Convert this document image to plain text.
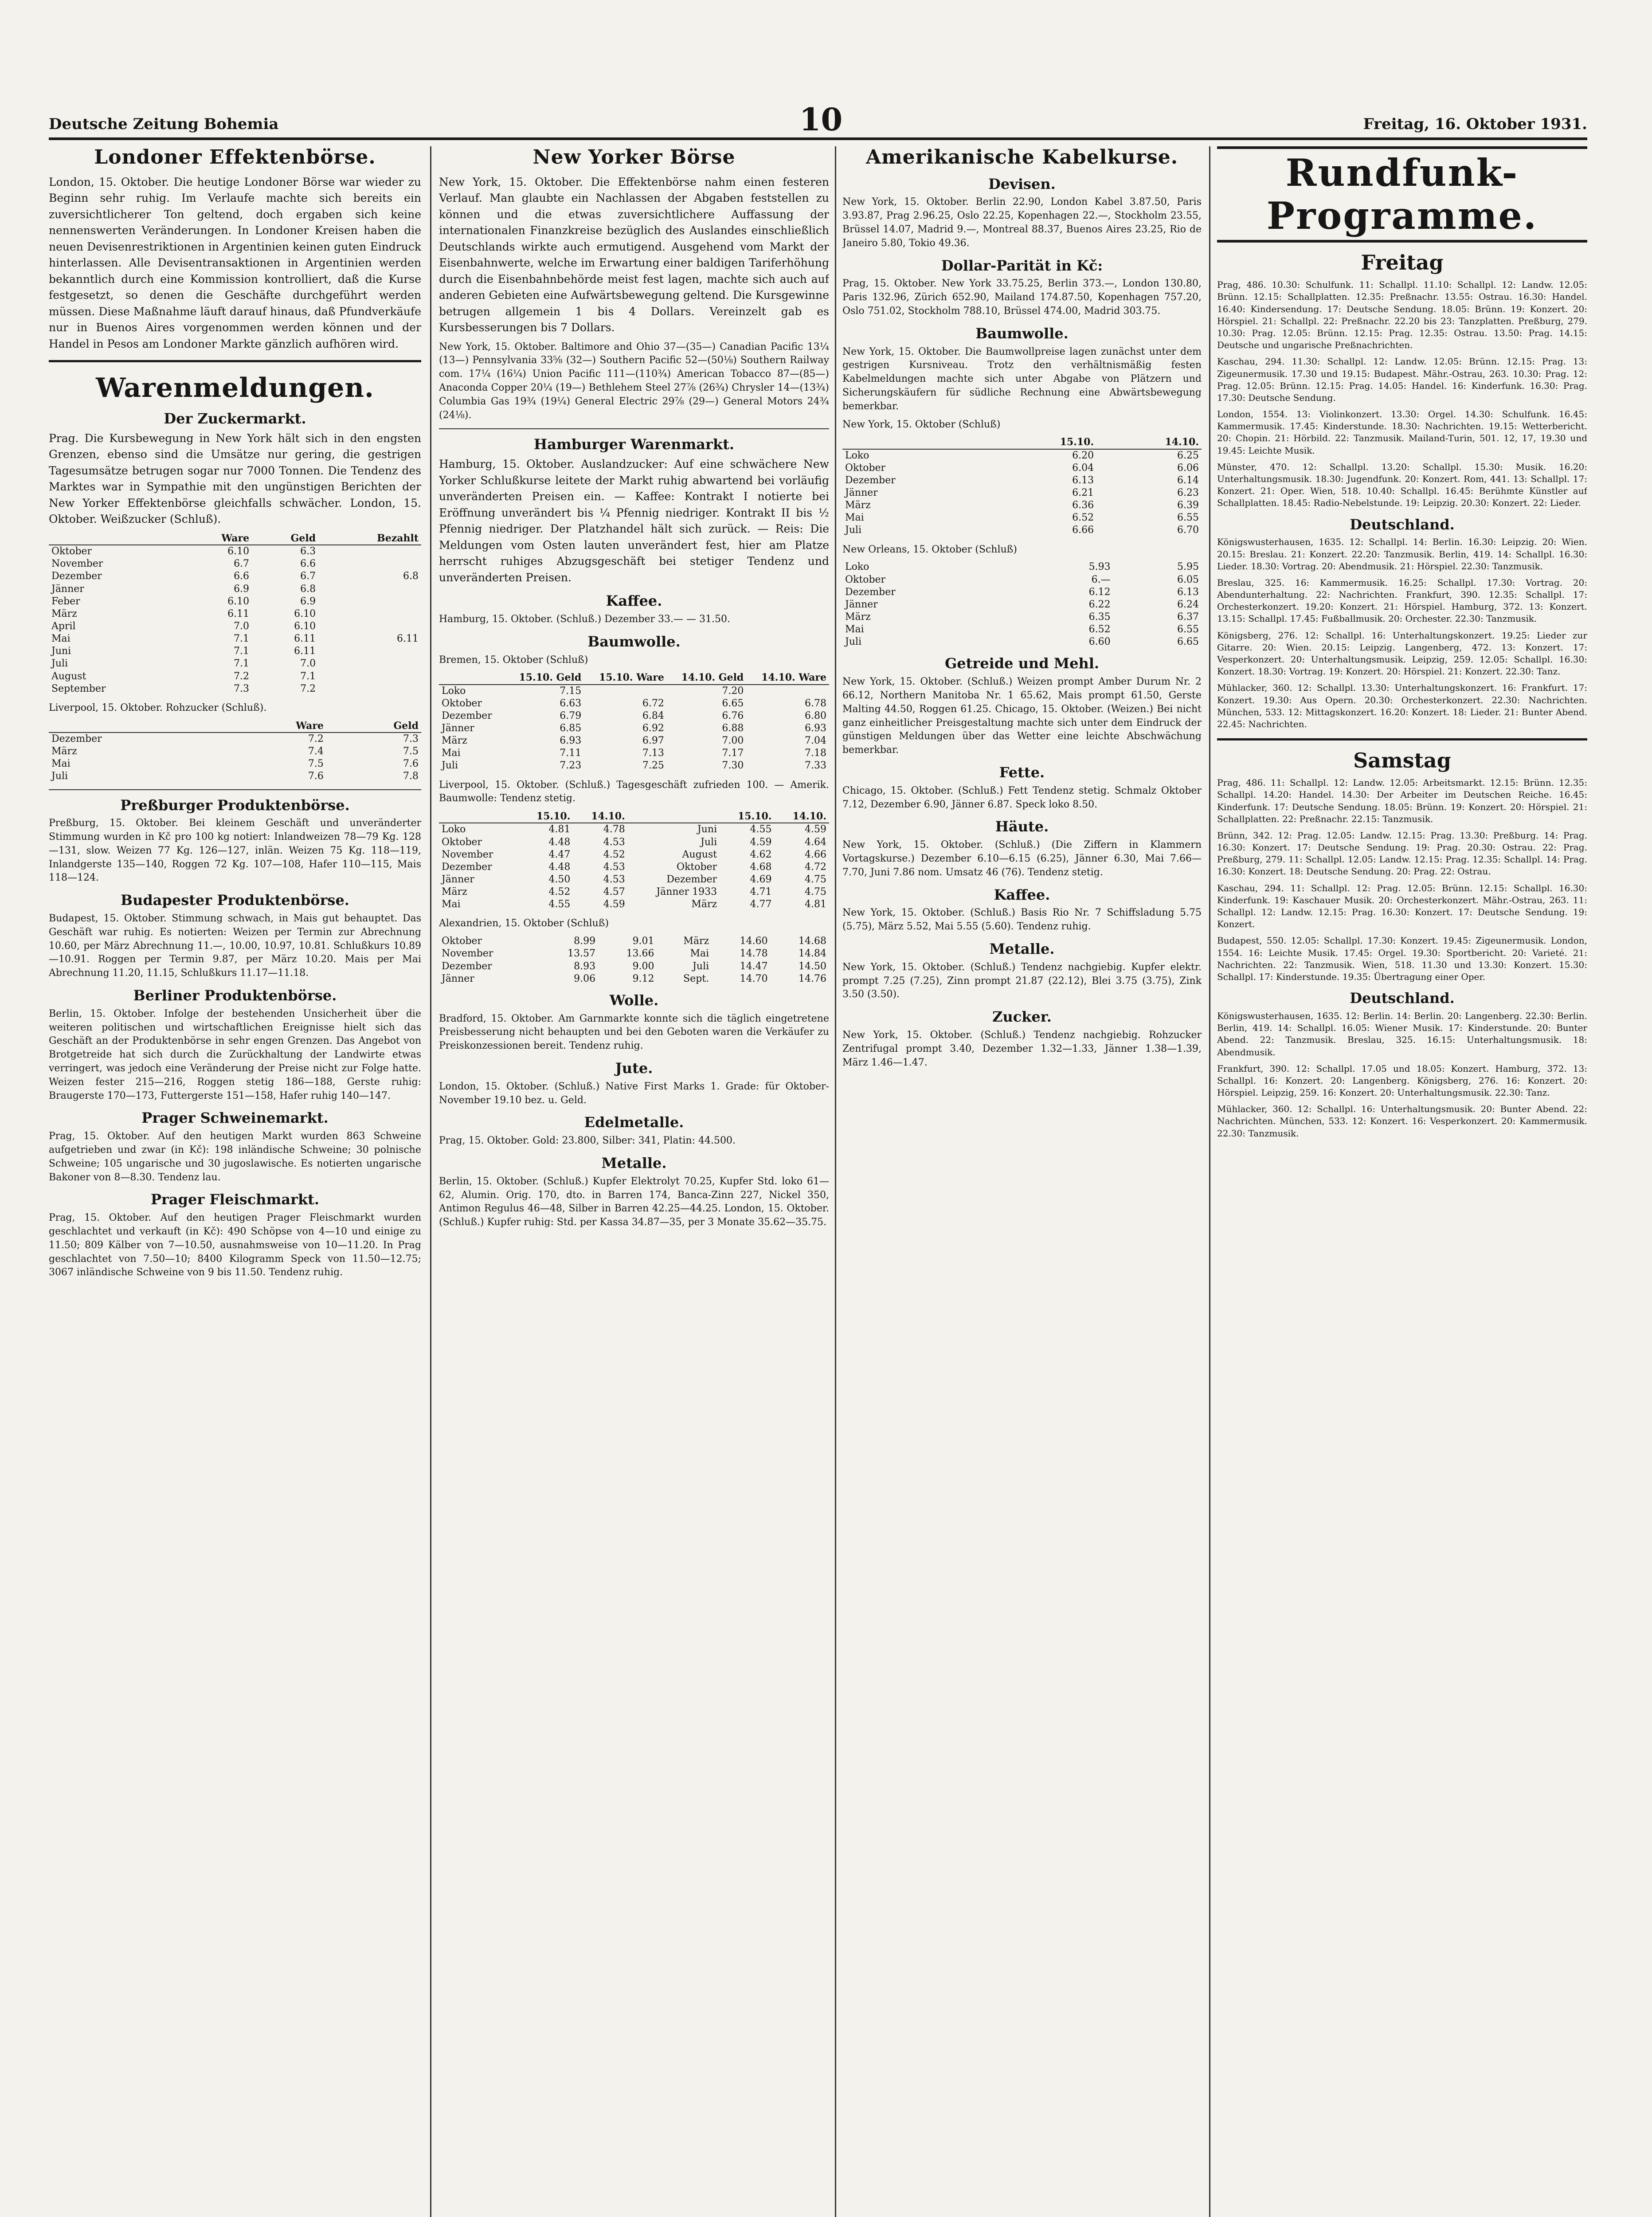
Deutsche Zeitung Bohemia	10	Freitag, 16. Oktober 1931.
Londoner Effektenbörse.

London, 15. Oktober. Die heutige Londoner Börse war wieder zu Beginn sehr ruhig. Im Verlaufe machte sich bereits ein zuversichtlicherer Ton geltend, doch ergaben sich keine nennenswerten Veränderungen. In Londoner Kreisen haben die neuen Devisenrestriktionen in Argentinien keinen guten Eindruck hinterlassen. Alle Devisentransaktionen in Argentinien werden bekanntlich durch eine Kommission kontrolliert, daß die Kurse festgesetzt, so denen die Geschäfte durchgeführt werden müssen. Diese Maßnahme läuft darauf hinaus, daß Pfundverkäufe nur in Buenos Aires vorgenommen werden können und der Handel in Pesos am Londoner Markte gänzlich aufhören wird.

Warenmeldungen.
Der Zuckermarkt.

Prag. Die Kursbewegung in New York hält sich in den engsten Grenzen, ebenso sind die Umsätze nur gering, die gestrigen Tagesumsätze betrugen sogar nur 7000 Tonnen. Die Tendenz des Marktes war in Sympathie mit den ungünstigen Berichten der New Yorker Effektenbörse gleichfalls schwächer. London, 15. Oktober. Weißzucker (Schluß).

	Ware	Geld	Bezahlt
Oktober	6.10	6.3	
November	6.7	6.6	
Dezember	6.6	6.7	6.8
Jänner	6.9	6.8	
Feber	6.10	6.9	
März	6.11	6.10	
April	7.0	6.10	
Mai	7.1	6.11	6.11
Juni	7.1	6.11	
Juli	7.1	7.0	
August	7.2	7.1	
September	7.3	7.2	

Liverpool, 15. Oktober. Rohzucker (Schluß).

	Ware	Geld
Dezember	7.2	7.3
März	7.4	7.5
Mai	7.5	7.6
Juli	7.6	7.8
Preßburger Produktenbörse.

Preßburg, 15. Oktober. Bei kleinem Geschäft und unveränderter Stimmung wurden in Kč pro 100 kg notiert: Inlandweizen 78—79 Kg. 128—131, slow. Weizen 77 Kg. 126—127, inlän. Weizen 75 Kg. 118—119, Inlandgerste 135—140, Roggen 72 Kg. 107—108, Hafer 110—115, Mais 118—124.

Budapester Produktenbörse.

Budapest, 15. Oktober. Stimmung schwach, in Mais gut behauptet. Das Geschäft war ruhig. Es notierten: Weizen per Termin zur Abrechnung 10.60, per März Abrechnung 11.—, 10.00, 10.97, 10.81. Schlußkurs 10.89—10.91. Roggen per Termin 9.87, per März 10.20. Mais per Mai Abrechnung 11.20, 11.15, Schlußkurs 11.17—11.18.

Berliner Produktenbörse.

Berlin, 15. Oktober. Infolge der bestehenden Unsicherheit über die weiteren politischen und wirtschaftlichen Ereignisse hielt sich das Geschäft an der Produktenbörse in sehr engen Grenzen. Das Angebot von Brotgetreide hat sich durch die Zurückhaltung der Landwirte etwas verringert, was jedoch eine Veränderung der Preise nicht zur Folge hatte. Weizen fester 215—216, Roggen stetig 186—188, Gerste ruhig: Braugerste 170—173, Futtergerste 151—158, Hafer ruhig 140—147.

Prager Schweinemarkt.

Prag, 15. Oktober. Auf den heutigen Markt wurden 863 Schweine aufgetrieben und zwar (in Kč): 198 inländische Schweine; 30 polnische Schweine; 105 ungarische und 30 jugoslawische. Es notierten ungarische Bakoner von 8—8.30. Tendenz lau.

Prager Fleischmarkt.

Prag, 15. Oktober. Auf den heutigen Prager Fleischmarkt wurden geschlachtet und verkauft (in Kč): 490 Schöpse von 4—10 und einige zu 11.50; 809 Kälber von 7—10.50, ausnahmsweise von 10—11.20. In Prag geschlachtet von 7.50—10; 8400 Kilogramm Speck von 11.50—12.75; 3067 inländische Schweine von 9 bis 11.50. Tendenz ruhig.

New Yorker Börse

New York, 15. Oktober. Die Effektenbörse nahm einen festeren Verlauf. Man glaubte ein Nachlassen der Abgaben feststellen zu können und die etwas zuversichtlichere Auffassung der internationalen Finanzkreise bezüglich des Auslandes einschließlich Deutschlands wirkte auch ermutigend. Ausgehend vom Markt der Eisenbahnwerte, welche im Erwartung einer baldigen Tariferhöhung durch die Eisenbahnbehörde meist fest lagen, machte sich auch auf anderen Gebieten eine Aufwärtsbewegung geltend. Die Kursgewinne betrugen allgemein 1 bis 4 Dollars. Vereinzelt gab es Kursbesserungen bis 7 Dollars.

New York, 15. Oktober. Baltimore and Ohio 37—(35—) Canadian Pacific 13¼ (13—) Pennsylvania 33⅝ (32—) Southern Pacific 52—(50⅛) Southern Railway com. 17¼ (16¼) Union Pacific 111—(110¾) American Tobacco 87—(85—) Anaconda Copper 20¼ (19—) Bethlehem Steel 27⅞ (26¾) Chrysler 14—(13¾) Columbia Gas 19¾ (19¼) General Electric 29⅞ (29—) General Motors 24¾ (24⅛).

Hamburger Warenmarkt.

Hamburg, 15. Oktober. Auslandzucker: Auf eine schwächere New Yorker Schlußkurse leitete der Markt ruhig abwartend bei vorläufig unveränderten Preisen ein. — Kaffee: Kontrakt I notierte bei Eröffnung unverändert bis ¼ Pfennig niedriger. Kontrakt II bis ½ Pfennig niedriger. Der Platzhandel hält sich zurück. — Reis: Die Meldungen vom Osten lauten unverändert fest, hier am Platze herrscht ruhiges Abzugsgeschäft bei stetiger Tendenz und unveränderten Preisen.

Kaffee.

Hamburg, 15. Oktober. (Schluß.) Dezember 33.— — 31.50.

Baumwolle.

Bremen, 15. Oktober (Schluß)

	15.10. Geld	15.10. Ware	14.10. Geld	14.10. Ware
Loko	7.15		7.20	
Oktober	6.63	6.72	6.65	6.78
Dezember	6.79	6.84	6.76	6.80
Jänner	6.85	6.92	6.88	6.93
März	6.93	6.97	7.00	7.04
Mai	7.11	7.13	7.17	7.18
Juli	7.23	7.25	7.30	7.33

Liverpool, 15. Oktober. (Schluß.) Tagesgeschäft zufrieden 100. — Amerik. Baumwolle: Tendenz stetig.

	15.10.	14.10.		15.10.	14.10.
Loko	4.81	4.78	Juni	4.55	4.59
Oktober	4.48	4.53	Juli	4.59	4.64
November	4.47	4.52	August	4.62	4.66
Dezember	4.48	4.53	Oktober	4.68	4.72
Jänner	4.50	4.53	Dezember	4.69	4.75
März	4.52	4.57	Jänner 1933	4.71	4.75
Mai	4.55	4.59	März	4.77	4.81

Alexandrien, 15. Oktober (Schluß)

Oktober	8.99	9.01	März	14.60	14.68
November	13.57	13.66	Mai	14.78	14.84
Dezember	8.93	9.00	Juli	14.47	14.50
Jänner	9.06	9.12	Sept.	14.70	14.76
Wolle.

Bradford, 15. Oktober. Am Garnmarkte konnte sich die täglich eingetretene Preisbesserung nicht behaupten und bei den Geboten waren die Verkäufer zu Preiskonzessionen bereit. Tendenz ruhig.

Jute.

London, 15. Oktober. (Schluß.) Native First Marks 1. Grade: für Oktober-November 19.10 bez. u. Geld.

Edelmetalle.

Prag, 15. Oktober. Gold: 23.800, Silber: 341, Platin: 44.500.

Metalle.

Berlin, 15. Oktober. (Schluß.) Kupfer Elektrolyt 70.25, Kupfer Std. loko 61—62, Alumin. Orig. 170, dto. in Barren 174, Banca-Zinn 227, Nickel 350, Antimon Regulus 46—48, Silber in Barren 42.25—44.25. London, 15. Oktober. (Schluß.) Kupfer ruhig: Std. per Kassa 34.87—35, per 3 Monate 35.62—35.75.

Amerikanische Kabelkurse.
Devisen.

New York, 15. Oktober. Berlin 22.90, London Kabel 3.87.50, Paris 3.93.87, Prag 2.96.25, Oslo 22.25, Kopenhagen 22.—, Stockholm 23.55, Brüssel 14.07, Madrid 9.—, Montreal 88.37, Buenos Aires 23.25, Rio de Janeiro 5.80, Tokio 49.36.

Dollar-Parität in Kč:

Prag, 15. Oktober. New York 33.75.25, Berlin 373.—, London 130.80, Paris 132.96, Zürich 652.90, Mailand 174.87.50, Kopenhagen 757.20, Oslo 751.02, Stockholm 788.10, Brüssel 474.00, Madrid 303.75.

Baumwolle.

New York, 15. Oktober. Die Baumwollpreise lagen zunächst unter dem gestrigen Kursniveau. Trotz den verhältnismäßig festen Kabelmeldungen machte sich unter Abgabe von Plätzern und Sicherungskäufern für südliche Rechnung eine Abwärtsbewegung bemerkbar.

New York, 15. Oktober (Schluß)

	15.10.	14.10.
Loko	6.20	6.25
Oktober	6.04	6.06
Dezember	6.13	6.14
Jänner	6.21	6.23
März	6.36	6.39
Mai	6.52	6.55
Juli	6.66	6.70

New Orleans, 15. Oktober (Schluß)

Loko	5.93	5.95
Oktober	6.—	6.05
Dezember	6.12	6.13
Jänner	6.22	6.24
März	6.35	6.37
Mai	6.52	6.55
Juli	6.60	6.65
Getreide und Mehl.

New York, 15. Oktober. (Schluß.) Weizen prompt Amber Durum Nr. 2 66.12, Northern Manitoba Nr. 1 65.62, Mais prompt 61.50, Gerste Malting 44.50, Roggen 61.25. Chicago, 15. Oktober. (Weizen.) Bei nicht ganz einheitlicher Preisgestaltung machte sich unter dem Eindruck der günstigen Meldungen über das Wetter eine leichte Abschwächung bemerkbar.

Fette.

Chicago, 15. Oktober. (Schluß.) Fett Tendenz stetig. Schmalz Oktober 7.12, Dezember 6.90, Jänner 6.87. Speck loko 8.50.

Häute.

New York, 15. Oktober. (Schluß.) (Die Ziffern in Klammern Vortagskurse.) Dezember 6.10—6.15 (6.25), Jänner 6.30, Mai 7.66—7.70, Juni 7.86 nom. Umsatz 46 (76). Tendenz stetig.

Kaffee.

New York, 15. Oktober. (Schluß.) Basis Rio Nr. 7 Schiffsladung 5.75 (5.75), März 5.52, Mai 5.55 (5.60). Tendenz ruhig.

Metalle.

New York, 15. Oktober. (Schluß.) Tendenz nachgiebig. Kupfer elektr. prompt 7.25 (7.25), Zinn prompt 21.87 (22.12), Blei 3.75 (3.75), Zink 3.50 (3.50).

Zucker.

New York, 15. Oktober. (Schluß.) Tendenz nachgiebig. Rohzucker Zentrifugal prompt 3.40, Dezember 1.32—1.33, Jänner 1.38—1.39, März 1.46—1.47.

Rundfunk-Programme.
Freitag

Prag, 486. 10.30: Schulfunk. 11: Schallpl. 11.10: Schallpl. 12: Landw. 12.05: Brünn. 12.15: Schallplatten. 12.35: Preßnachr. 13.55: Ostrau. 16.30: Handel. 16.40: Kindersendung. 17: Deutsche Sendung. 18.05: Brünn. 19: Konzert. 20: Hörspiel. 21: Schallpl. 22: Preßnachr. 22.20 bis 23: Tanzplatten. Preßburg, 279. 10.30: Prag. 12.05: Brünn. 12.15: Prag. 12.35: Ostrau. 13.50: Prag. 14.15: Deutsche und ungarische Preßnachrichten.

Kaschau, 294. 11.30: Schallpl. 12: Landw. 12.05: Brünn. 12.15: Prag. 13: Zigeunermusik. 17.30 und 19.15: Budapest. Mähr.-Ostrau, 263. 10.30: Prag. 12: Prag. 12.05: Brünn. 12.15: Prag. 14.05: Handel. 16: Kinderfunk. 16.30: Prag. 17.30: Deutsche Sendung.

London, 1554. 13: Violinkonzert. 13.30: Orgel. 14.30: Schulfunk. 16.45: Kammermusik. 17.45: Kinderstunde. 18.30: Nachrichten. 19.15: Wetterbericht. 20: Chopin. 21: Hörbild. 22: Tanzmusik. Mailand-Turin, 501. 12, 17, 19.30 und 19.45: Leichte Musik.

Münster, 470. 12: Schallpl. 13.20: Schallpl. 15.30: Musik. 16.20: Unterhaltungsmusik. 18.30: Jugendfunk. 20: Konzert. Rom, 441. 13: Schallpl. 17: Konzert. 21: Oper. Wien, 518. 10.40: Schallpl. 16.45: Berühmte Künstler auf Schallplatten. 18.45: Radio-Nebelstunde. 19: Leipzig. 20.30: Konzert. 22: Lieder.

Deutschland.

Königswusterhausen, 1635. 12: Schallpl. 14: Berlin. 16.30: Leipzig. 20: Wien. 20.15: Breslau. 21: Konzert. 22.20: Tanzmusik. Berlin, 419. 14: Schallpl. 16.30: Lieder. 18.30: Vortrag. 20: Abendmusik. 21: Hörspiel. 22.30: Tanzmusik.

Breslau, 325. 16: Kammermusik. 16.25: Schallpl. 17.30: Vortrag. 20: Abendunterhaltung. 22: Nachrichten. Frankfurt, 390. 12.35: Schallpl. 17: Orchesterkonzert. 19.20: Konzert. 21: Hörspiel. Hamburg, 372. 13: Konzert. 13.15: Schallpl. 17.45: Fußballmusik. 20: Orchester. 22.30: Tanzmusik.

Königsberg, 276. 12: Schallpl. 16: Unterhaltungskonzert. 19.25: Lieder zur Gitarre. 20: Wien. 20.15: Leipzig. Langenberg, 472. 13: Konzert. 17: Vesperkonzert. 20: Unterhaltungsmusik. Leipzig, 259. 12.05: Schallpl. 16.30: Konzert. 18.30: Vortrag. 19: Konzert. 20: Hörspiel. 21: Konzert. 22.30: Tanz.

Mühlacker, 360. 12: Schallpl. 13.30: Unterhaltungskonzert. 16: Frankfurt. 17: Konzert. 19.30: Aus Opern. 20.30: Orchesterkonzert. 22.30: Nachrichten. München, 533. 12: Mittagskonzert. 16.20: Konzert. 18: Lieder. 21: Bunter Abend. 22.45: Nachrichten.

Samstag

Prag, 486. 11: Schallpl. 12: Landw. 12.05: Arbeitsmarkt. 12.15: Brünn. 12.35: Schallpl. 14.20: Handel. 14.30: Der Arbeiter im Deutschen Reiche. 16.45: Kinderfunk. 17: Deutsche Sendung. 18.05: Brünn. 19: Konzert. 20: Hörspiel. 21: Schallplatten. 22: Preßnachr. 22.15: Tanzmusik.

Brünn, 342. 12: Prag. 12.05: Landw. 12.15: Prag. 13.30: Preßburg. 14: Prag. 16.30: Konzert. 17: Deutsche Sendung. 19: Prag. 20.30: Ostrau. 22: Prag. Preßburg, 279. 11: Schallpl. 12.05: Landw. 12.15: Prag. 12.35: Schallpl. 14: Prag. 16.30: Konzert. 18: Deutsche Sendung. 20: Prag. 22: Ostrau.

Kaschau, 294. 11: Schallpl. 12: Prag. 12.05: Brünn. 12.15: Schallpl. 16.30: Kinderfunk. 19: Kaschauer Musik. 20: Orchesterkonzert. Mähr.-Ostrau, 263. 11: Schallpl. 12: Landw. 12.15: Prag. 16.30: Konzert. 17: Deutsche Sendung. 19: Konzert.

Budapest, 550. 12.05: Schallpl. 17.30: Konzert. 19.45: Zigeunermusik. London, 1554. 16: Leichte Musik. 17.45: Orgel. 19.30: Sportbericht. 20: Varieté. 21: Nachrichten. 22: Tanzmusik. Wien, 518. 11.30 und 13.30: Konzert. 15.30: Schallpl. 17: Kinderstunde. 19.35: Übertragung einer Oper.

Deutschland.

Königswusterhausen, 1635. 12: Berlin. 14: Berlin. 20: Langenberg. 22.30: Berlin. Berlin, 419. 14: Schallpl. 16.05: Wiener Musik. 17: Kinderstunde. 20: Bunter Abend. 22: Tanzmusik. Breslau, 325. 16.15: Unterhaltungsmusik. 18: Abendmusik.

Frankfurt, 390. 12: Schallpl. 17.05 und 18.05: Konzert. Hamburg, 372. 13: Schallpl. 16: Konzert. 20: Langenberg. Königsberg, 276. 16: Konzert. 20: Hörspiel. Leipzig, 259. 16: Konzert. 20: Unterhaltungsmusik. 22.30: Tanz.

Mühlacker, 360. 12: Schallpl. 16: Unterhaltungsmusik. 20: Bunter Abend. 22: Nachrichten. München, 533. 12: Konzert. 16: Vesperkonzert. 20: Kammermusik. 22.30: Tanzmusik.
